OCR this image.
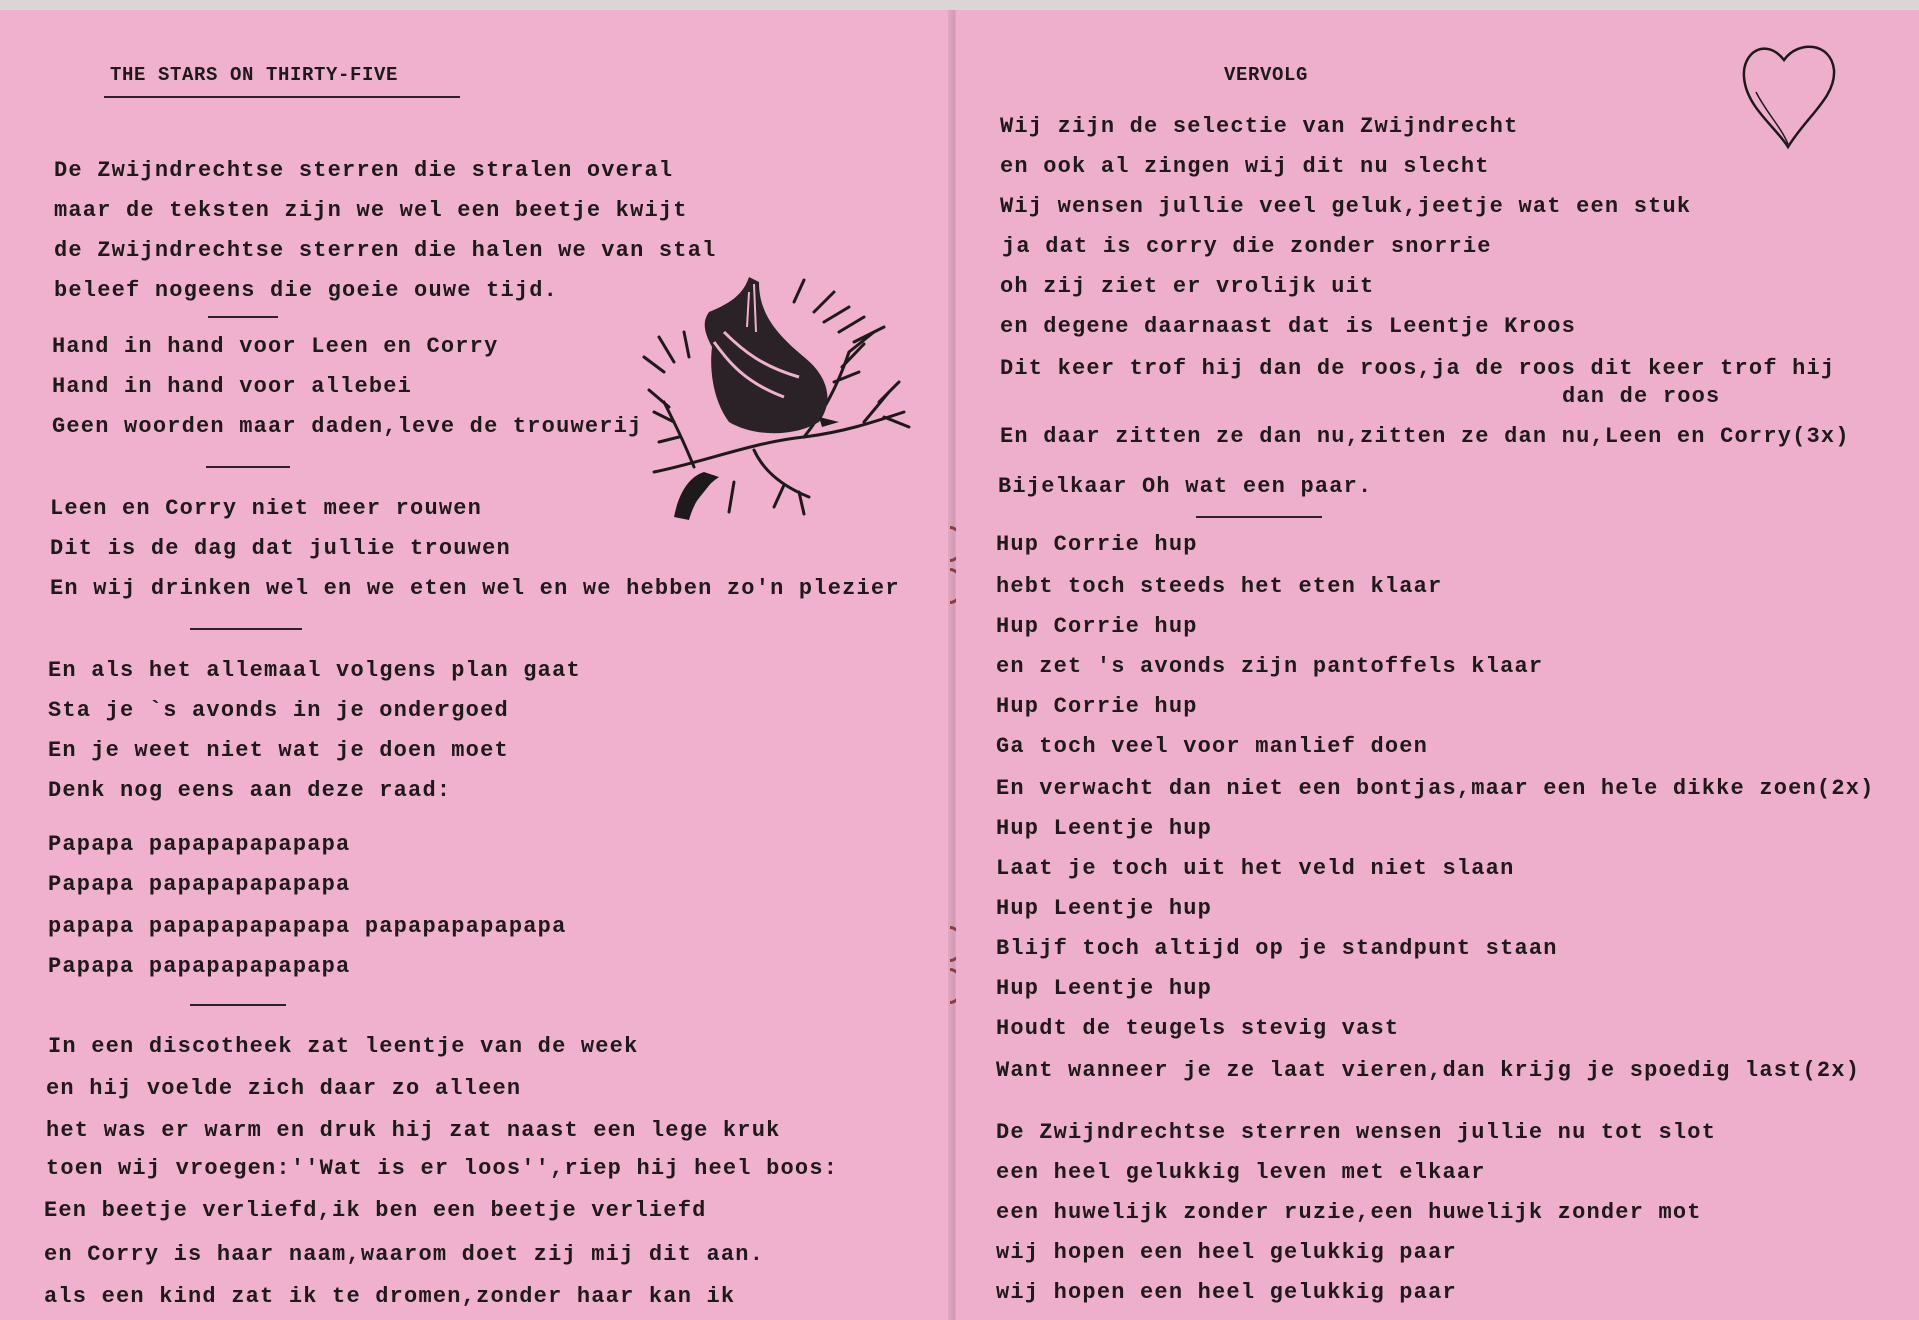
THE STARS ON THIRTY-FIVE
De Zwijndrechtse sterren die stralen overal
maar de teksten zijn we wel een beetje kwijt
de Zwijndrechtse sterren die halen we van stal
beleef nogeens die goeie ouwe tijd.
Hand in hand voor Leen en Corry
Hand in hand voor allebei
Geen woorden maar daden,leve de trouwerij
Leen en Corry niet meer rouwen
Dit is de dag dat jullie trouwen
En wij drinken wel en we eten wel en we hebben zo'n plezier
En als het allemaal volgens plan gaat
Sta je `s avonds in je ondergoed
En je weet niet wat je doen moet
Denk nog eens aan deze raad:
Papapa papapapapapapa
Papapa papapapapapapa
papapa papapapapapapa papapapapapapa
Papapa papapapapapapa
In een discotheek zat leentje van de week
en hij voelde zich daar zo alleen
het was er warm en druk hij zat naast een lege kruk
toen wij vroegen:''Wat is er loos'',riep hij heel boos:
Een beetje verliefd,ik ben een beetje verliefd
en Corry is haar naam,waarom doet zij mij dit aan.
als een kind zat ik te dromen,zonder haar kan ik
VERVOLG
Wij zijn de selectie van Zwijndrecht
en ook al zingen wij dit nu slecht
Wij wensen jullie veel geluk,jeetje wat een stuk
ja dat is corry die zonder snorrie
oh zij ziet er vrolijk uit
en degene daarnaast dat is Leentje Kroos
Dit keer trof hij dan de roos,ja de roos dit keer trof hij
dan de roos
En daar zitten ze dan nu,zitten ze dan nu,Leen en Corry(3x)
Bijelkaar Oh wat een paar.
Hup Corrie hup
hebt toch steeds het eten klaar
Hup Corrie hup
en zet 's avonds zijn pantoffels klaar
Hup Corrie hup
Ga toch veel voor manlief doen
En verwacht dan niet een bontjas,maar een hele dikke zoen(2x)
Hup Leentje hup
Laat je toch uit het veld niet slaan
Hup Leentje hup
Blijf toch altijd op je standpunt staan
Hup Leentje hup
Houdt de teugels stevig vast
Want wanneer je ze laat vieren,dan krijg je spoedig last(2x)
De Zwijndrechtse sterren wensen jullie nu tot slot
een heel gelukkig leven met elkaar
een huwelijk zonder ruzie,een huwelijk zonder mot
wij hopen een heel gelukkig paar
wij hopen een heel gelukkig paar
